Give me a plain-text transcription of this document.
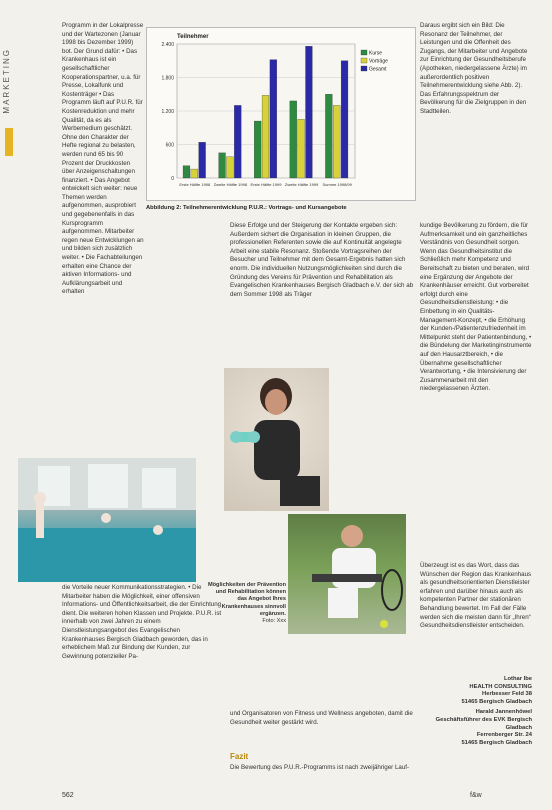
MARKETING

Programm in der Lokalpresse und der Wartezonen (Januar 1998 bis Dezember 1999) bot. Der Grund dafür: • Das Krankenhaus ist ein gesellschaftlicher Kooperationspartner, u.a. für Presse, Lokalfunk und Kostenträger • Das Programm läuft auf P.U.R. für Kostenreduktion und mehr Qualität, da es als Werbemedium geschätzt. Ohne den Charakter der Hefte regional zu belasten, werden rund 65 bis 90 Prozent der Druckkosten über Anzeigenschaltungen finanziert. • Das Angebot entwickelt sich weiter: neue Themen werden aufgenommen, ausprobiert und gegebenenfalls in das Kursprogramm aufgenommen. Mitarbeiter regen neue Entwicklungen an und bilden sich zusätzlich weiter. • Die Fachabteilungen erhalten eine Chance der aktiven Informations- und Aufklärungsarbeit und erhalten

Daraus ergibt sich ein Bild: Die Resonanz der Teilnehmer, der Leistungen und die Offenheit des Zugangs, der Mitarbeiter und Angebote zur Einrichtung der Gesundheitsberufe (Apotheken, niedergelassene Ärzte) im außerordentlich positiven Teilnehmerentwicklung siehe Abb. 2). Das Erfahrungsspektrum der Bevölkerung für die Zielgruppen in den Stadtteilen.

Teilnehmer
0
600
1.200
1.800
2.400
Erste Hälfte 1998 Zweite Hälfte 1998 Erste Hälfte 1999 Zweite Hälfte 1999 Summe 1998/99
Kurse
Vorträge
Gesamt
Abbildung 2: Teilnehmerentwicklung P.U.R.: Vortrags- und Kursangebote

Diese Erfolge und der Steigerung der Kontakte ergeben sich: Außerdem sichert die Organisation in kleinen Gruppen, die professionellen Referenten sowie die auf Kontinuität angelegte Arbeit eine stabile Resonanz. Stoßende Vortragsreihen der Besucher und Teilnehmer mit dem Gesamt-Ergebnis hatten sich enorm. Die individuellen Nutzungsmöglichkeiten sind durch die Gründung des Vereins für Prävention und Rehabilitation als Evangelischen Krankenhauses Bergisch Gladbach e.V. der sich ab dem Sommer 1998 als Träger

kundige Bevölkerung zu fördern, die für Aufmerksamkeit und ein ganzheitliches Verständnis von Gesundheit sorgen. Wenn das Gesundheitsinstitut die Schließlich mehr Kompetenz und Bereitschaft zu bieten und beraten, wird eine Ergänzung der Angebote der Krankenhäuser erreicht. Gut vorbereitet erfolgt durch eine Gesundheitsdienstleistung: • die Einbettung in ein Qualitäts-Management-Konzept, • die Erhöhung der Kunden-/Patientenzufriedenheit im Mittelpunkt steht der Patientenbindung, • die Bündelung der Marketinginstrumente auf den Hausarztbereich, • die Übernahme gesellschaftlicher Verantwortung, • die Intensivierung der Zusammenarbeit mit den niedergelassenen Ärzten.

Überzeugt ist es das Wort, dass das Wünschen der Region das Krankenhaus als gesundheitsorientierten Dienstleister erfahren und darüber hinaus auch als kompetenten Partner der stationären Behandlung bewertet. Im Fall der Fälle werden sich die meisten dann für „Ihren“ Gesundheitsdienstleister entscheiden.

Lothar Ibe
HEALTH CONSULTING
Herbesser Feld 38
51465 Bergisch Gladbach
Harald Jannenhöwel
Geschäftsführer des EVK Bergisch Gladbach
Ferrenberger Str. 24
51465 Bergisch Gladbach
Möglichkeiten der Prävention und Rehabilitation können das Angebot Ihres Krankenhauses sinnvoll ergänzen.
Foto: Xxx

die Vorteile neuer Kommunikationsstrategien. • Die Mitarbeiter haben die Möglichkeit, einer offensiven Informations- und Öffentlichkeitsarbeit, die der Einrichtung dient. Die weiteren hohen Klassen und Projekte. P.U.R. ist innerhalb von zwei Jahren zu einem Dienstleistungsangebot des Evangelischen Krankenhauses Bergisch Gladbach geworden, das in erheblichem Maß zur Bindung der Kunden, zur Gewinnung potenzieller Pa-

und Organisatoren von Fitness und Wellness angeboten, damit die Gesundheit weiter gestärkt wird.

Fazit

Die Bewertung des P.U.R.-Programms ist nach zweijähriger Lauf-

562	f&w
